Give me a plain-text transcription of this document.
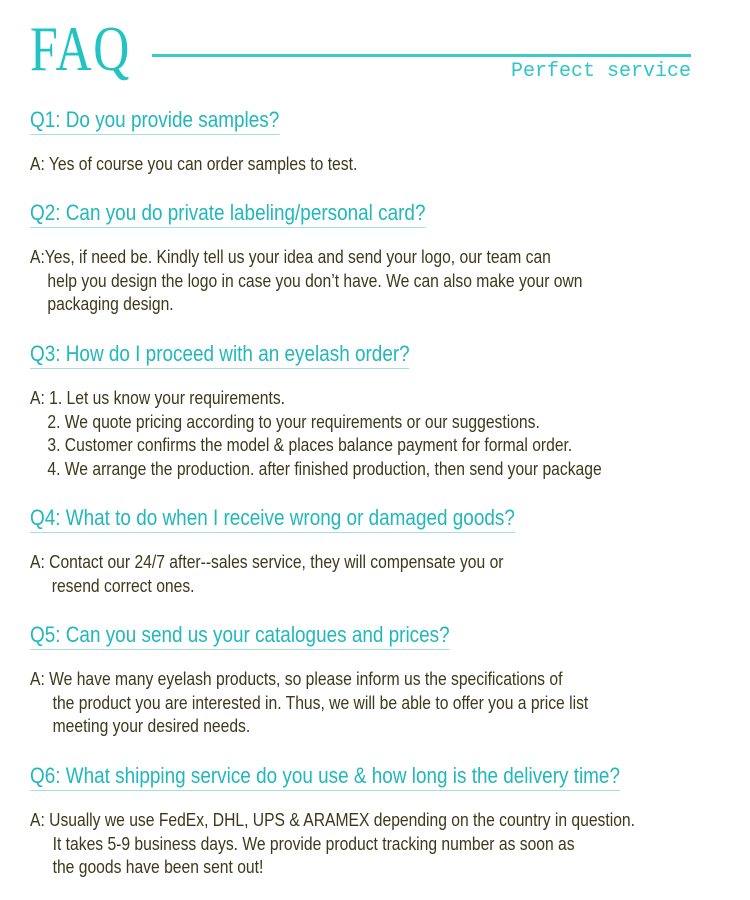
FAQ	Perfect service
Q1: Do you provide samples?
A: Yes of course you can order samples to test.
Q2: Can you do private labeling/personal card?
A:Yes, if need be. Kindly tell us your idea and send your logo, our team can
help you design the logo in case you don’t have. We can also make your own
packaging design.
Q3: How do I proceed with an eyelash order?
A: 1. Let us know your requirements.
2. We quote pricing according to your requirements or our suggestions.
3. Customer confirms the model & places balance payment for formal order.
4. We arrange the production. after finished production, then send your package
Q4: What to do when I receive wrong or damaged goods?
A: Contact our 24/7 after--sales service, they will compensate you or
resend correct ones.
Q5: Can you send us your catalogues and prices?
A: We have many eyelash products, so please inform us the specifications of
the product you are interested in. Thus, we will be able to offer you a price list
meeting your desired needs.
Q6: What shipping service do you use & how long is the delivery time?
A: Usually we use FedEx, DHL, UPS & ARAMEX depending on the country in question.
It takes 5-9 business days. We provide product tracking number as soon as
the goods have been sent out!
